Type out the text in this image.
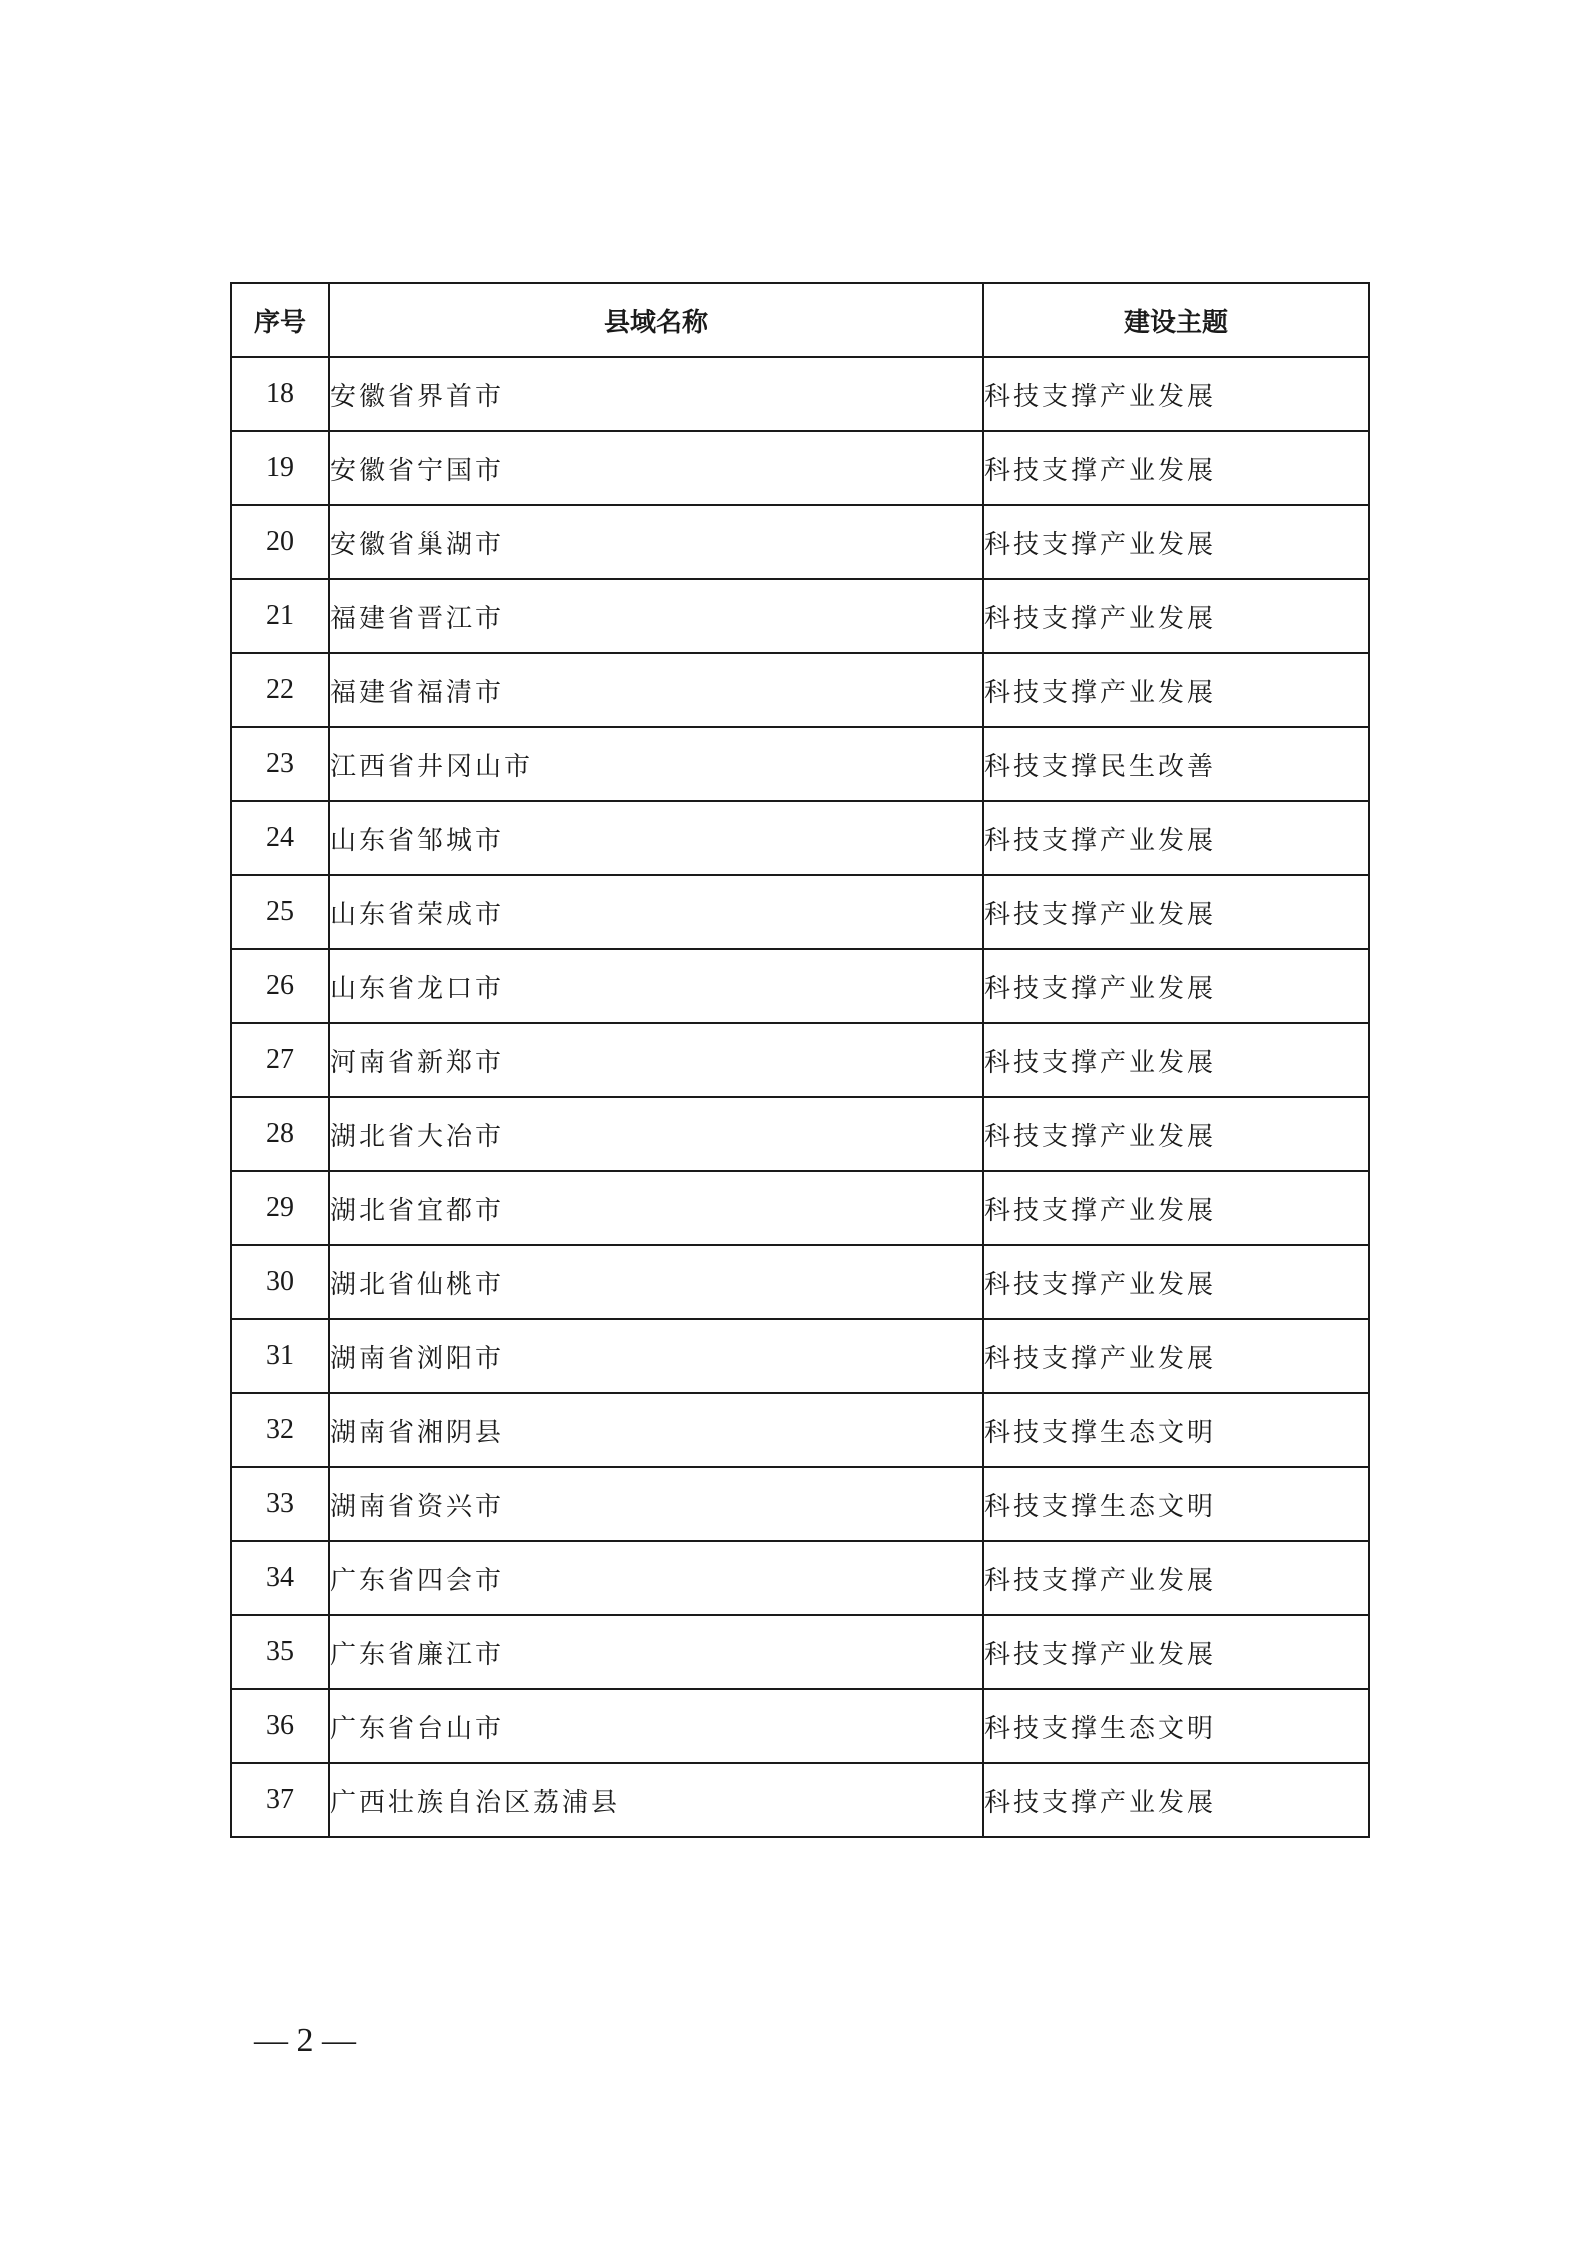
序号	县域名称	建设主题
18	安徽省界首市	科技支撑产业发展
19	安徽省宁国市	科技支撑产业发展
20	安徽省巢湖市	科技支撑产业发展
21	福建省晋江市	科技支撑产业发展
22	福建省福清市	科技支撑产业发展
23	江西省井冈山市	科技支撑民生改善
24	山东省邹城市	科技支撑产业发展
25	山东省荣成市	科技支撑产业发展
26	山东省龙口市	科技支撑产业发展
27	河南省新郑市	科技支撑产业发展
28	湖北省大冶市	科技支撑产业发展
29	湖北省宜都市	科技支撑产业发展
30	湖北省仙桃市	科技支撑产业发展
31	湖南省浏阳市	科技支撑产业发展
32	湖南省湘阴县	科技支撑生态文明
33	湖南省资兴市	科技支撑生态文明
34	广东省四会市	科技支撑产业发展
35	广东省廉江市	科技支撑产业发展
36	广东省台山市	科技支撑生态文明
37	广西壮族自治区荔浦县	科技支撑产业发展
— 2 —
